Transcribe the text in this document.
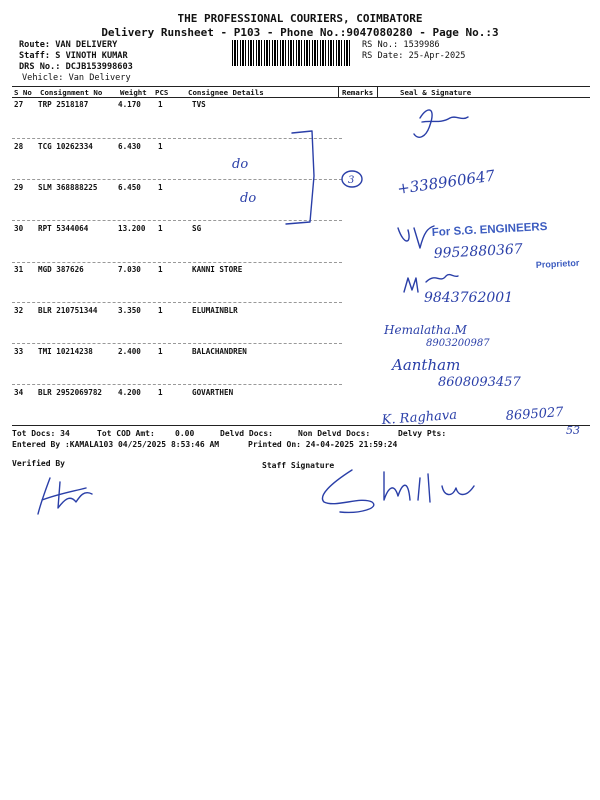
THE PROFESSIONAL COURIERS, COIMBATORE
Delivery Runsheet - P103 - Phone No.:9047080280 - Page No.:3
Route: VAN DELIVERY
Staff: S VINOTH KUMAR
DRS No.: DCJB153998603
Vehicle: Van Delivery
RS No.: 1539986
RS Date: 25-Apr-2025
S No Consignment No Weight PCS	Consignee Details	Remarks	Seal & Signature
27 TRP 2518187	4.170 1	TVS
28 TCG 10262334	6.430 1
29 SLM 368888225	6.450 1
30 RPT 5344064	13.200 1	SG
31 MGD 387626	7.030 1	KANNI STORE
32 BLR 210751344	3.350 1	ELUMAINBLR
33 TMI 10214238	2.400 1	BALACHANDREN
34 BLR 2952069782 4.200 1	GOVARTHEN
Tot Docs: 34	Tot COD Amt:	0.00	Delvd Docs:	Non Delvd Docs:	Delvy Pts:
Entered By :KAMALA103 04/25/2025 8:53:46 AM	Printed On: 24-04-2025 21:59:24
Verified By	Staff Signature
do
do
3	+338960647
For S.G. ENGINEERS
9952880367
Proprietor
9843762001
Hemalatha.M
8903200987
Aantham
8608093457
K. Raghava	8695027
53
